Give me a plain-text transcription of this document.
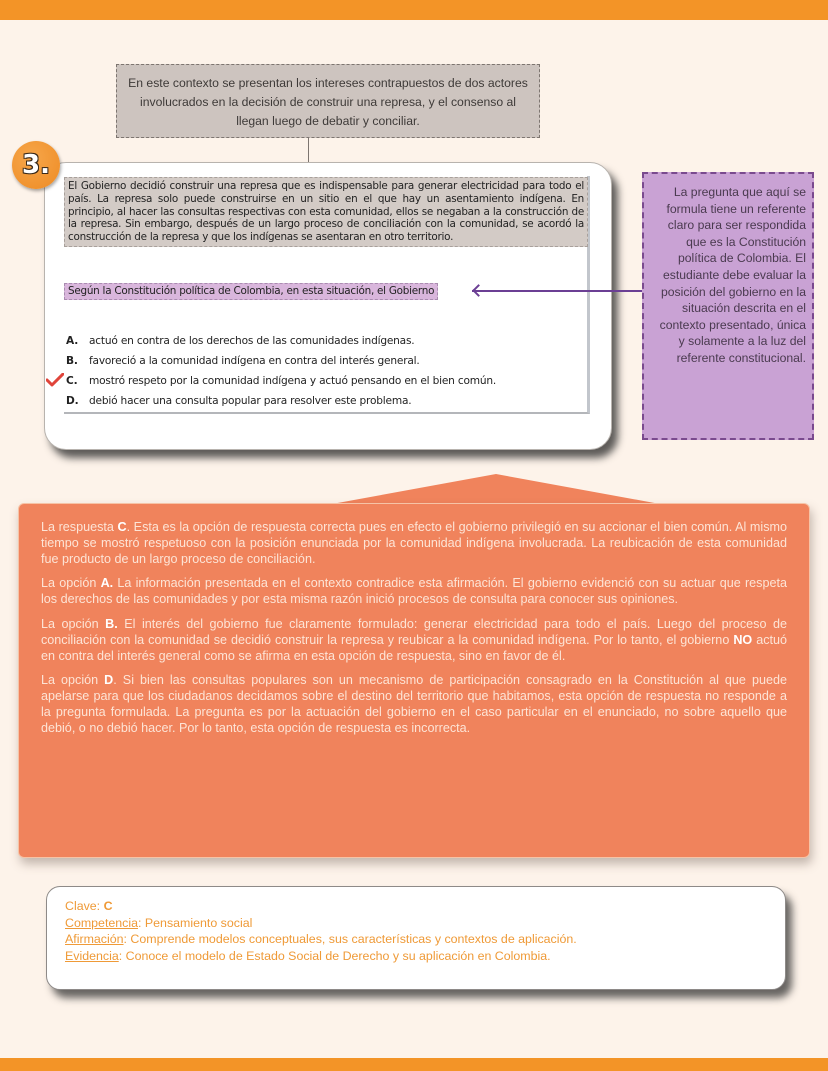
En este contexto se presentan los intereses contrapuestos de dos actores involucrados en la decisión de construir una represa, y el consenso al llegan luego de debatir y conciliar.
3.
El Gobierno decidió construir una represa que es indispensable para generar electricidad para todo el país. La represa solo puede construirse en un sitio en el que hay un asentamiento indígena. En principio, al hacer las consultas respectivas con esta comunidad, ellos se negaban a la construcción de la represa. Sin embargo, después de un largo proceso de conciliación con la comunidad, se acordó la construcción de la represa y que los indígenas se asentaran en otro territorio.
Según la Constitución política de Colombia, en esta situación, el Gobierno
A.	actuó en contra de los derechos de las comunidades indígenas.
B.	favoreció a la comunidad indígena en contra del interés general.
C.	mostró respeto por la comunidad indígena y actuó pensando en el bien común.
D. debió hacer una consulta popular para resolver este problema.
La pregunta que aquí se formula tiene un referente claro para ser respondida que es la Constitución política de Colombia. El estudiante debe evaluar la posición del gobierno en la situación descrita en el contexto presentado, única y solamente a la luz del referente constitucional.

La respuesta C. Esta es la opción de respuesta correcta pues en efecto el gobierno privilegió en su accionar el bien común. Al mismo tiempo se mostró respetuoso con la posición enunciada por la comunidad indígena involucrada. La reubicación de esta comunidad fue producto de un largo proceso de conciliación.

La opción A. La información presentada en el contexto contradice esta afirmación. El gobierno evidenció con su actuar que respeta los derechos de las comunidades y por esta misma razón inició procesos de consulta para conocer sus opiniones.

La opción B. El interés del gobierno fue claramente formulado: generar electricidad para todo el país. Luego del proceso de conciliación con la comunidad se decidió construir la represa y reubicar a la comunidad indígena. Por lo tanto, el gobierno NO actuó en contra del interés general como se afirma en esta opción de respuesta, sino en favor de él.

La opción D. Si bien las consultas populares son un mecanismo de participación consagrado en la Constitución al que puede apelarse para que los ciudadanos decidamos sobre el destino del territorio que habitamos, esta opción de respuesta no responde a la pregunta formulada. La pregunta es por la actuación del gobierno en el caso particular en el enunciado, no sobre aquello que debió, o no debió hacer. Por lo tanto, esta opción de respuesta es incorrecta.

Clave: C
Competencia: Pensamiento social
Afirmación: Comprende modelos conceptuales, sus características y contextos de aplicación.
Evidencia: Conoce el modelo de Estado Social de Derecho y su aplicación en Colombia.
